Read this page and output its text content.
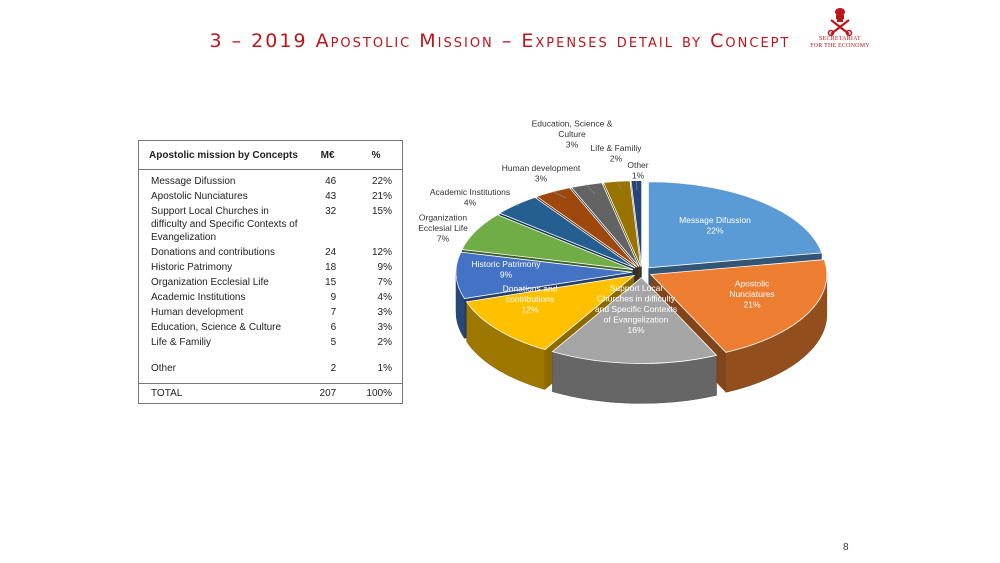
3 – 2019 Apostolic Mission – Expenses detail by Concept	SECRETARIAT
FOR THE ECONOMY
Apostolic mission by Concepts	M€	%
Message Difussion	46	22%
Apostolic Nunciatures	43	21%
Support Local Churches in difficulty and Specific Contexts of Evangelization	32	15%
Donations and contributions	24	12%
Historic Patrimony	18	9%
Organization Ecclesial Life	15	7%
Academic Institutions	9	4%
Human development	7	3%
Education, Science & Culture	6	3%
Life & Familiy	5	2%
Other	2	1%
TOTAL	207	100%
Message Difussion 22%
Apostolic Nunciatures 21%
Support Local Churches in difficulty and Specific Contexts of Evangelization 16%
Donations and contributions 12%
Historic Patrimony 9%
Organization Ecclesial Life 7%
Academic Institutions 4%
Human development 3%
Education, Science & Culture 3%	Life & Familiy 2%
Other 1%
8
